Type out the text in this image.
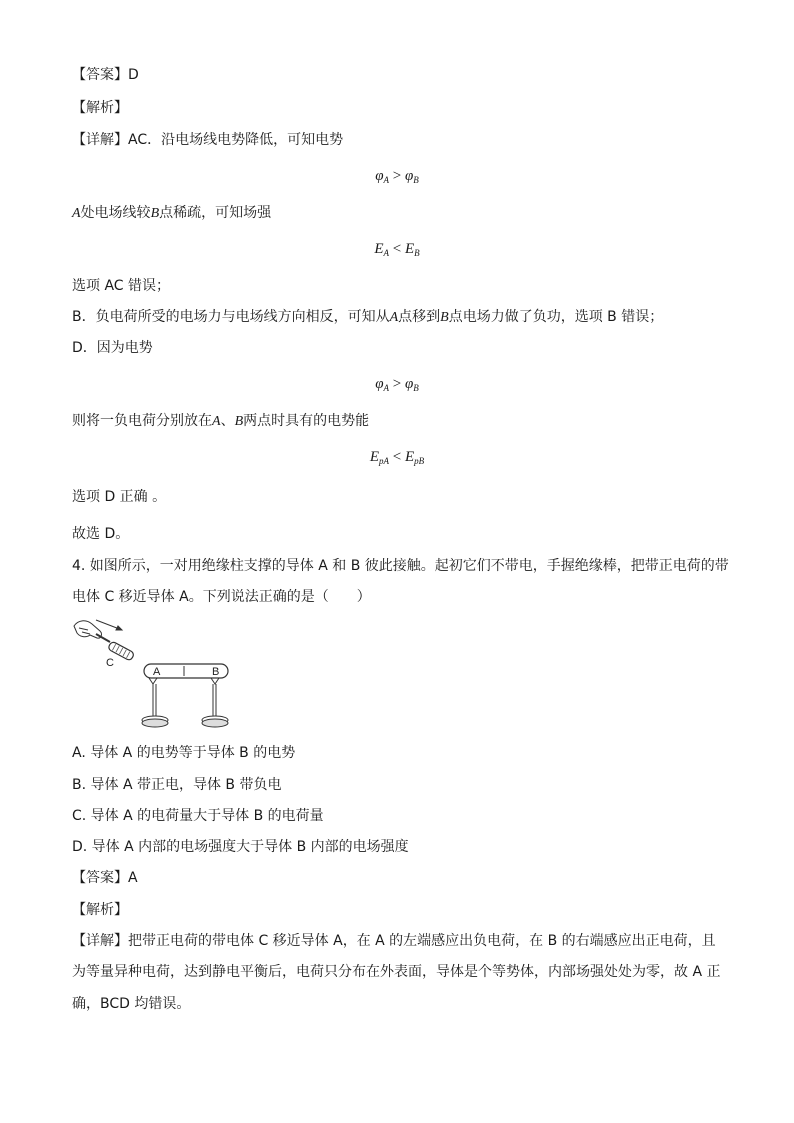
【答案】D
【解析】
【详解】AC．沿电场线电势降低，可知电势
$\varphi_A > \varphi_B$
A处电场线较B点稀疏，可知场强
$E_A < E_B$
选项 AC 错误；
B．负电荷所受的电场力与电场线方向相反，可知从A点移到B点电场力做了负功，选项 B 错误；
D．因为电势
$\varphi_A > \varphi_B$
则将一负电荷分别放在A、B两点时具有的电势能
$E_{pA} < E_{pB}$
选项 D 正确 。
故选 D。
4. 如图所示，一对用绝缘柱支撑的导体 A 和 B 彼此接触。起初它们不带电，手握绝缘棒，把带正电荷的带
电体 C 移近导体 A。下列说法正确的是（　　）
C
A	B
A. 导体 A 的电势等于导体 B 的电势
B. 导体 A 带正电，导体 B 带负电
C. 导体 A 的电荷量大于导体 B 的电荷量
D. 导体 A 内部的电场强度大于导体 B 内部的电场强度
【答案】A
【解析】
【详解】把带正电荷的带电体 C 移近导体 A，在 A 的左端感应出负电荷，在 B 的右端感应出正电荷，且
为等量异种电荷，达到静电平衡后，电荷只分布在外表面，导体是个等势体，内部场强处处为零，故 A 正
确，BCD 均错误。
